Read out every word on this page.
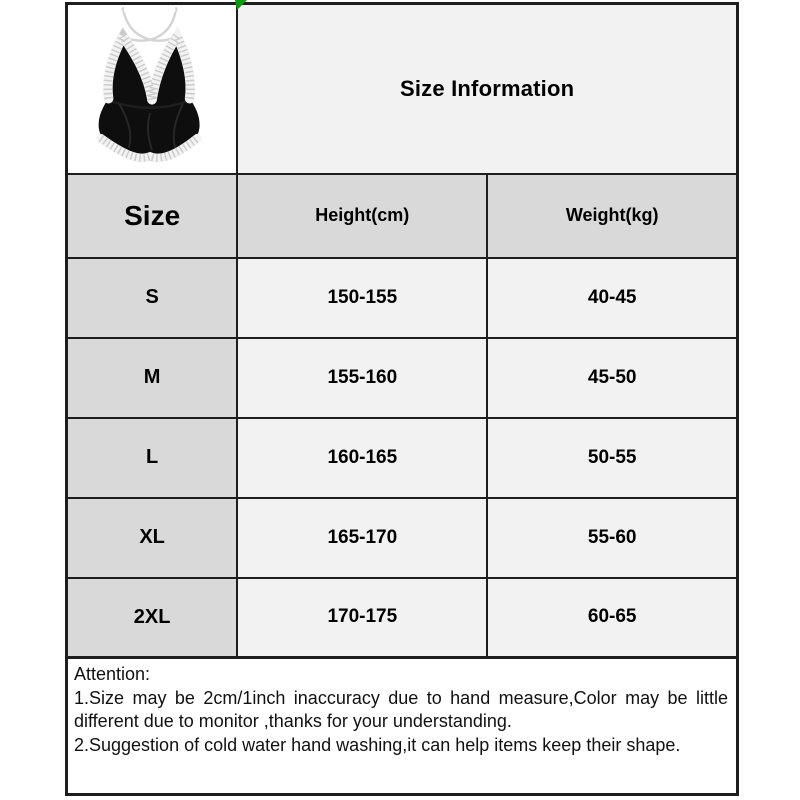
	Size Information	
Size	Height(cm)	Weight(kg)
S	150-155	40-45
M	155-160	45-50
L	160-165	50-55
XL	165-170	55-60
2XL	170-175	60-65
Attention:
1.Size may be 2cm/1inch inaccuracy due to hand measure,Color may be little
different due to monitor ,thanks for your understanding.
2.Suggestion of cold water hand washing,it can help items keep their shape.
